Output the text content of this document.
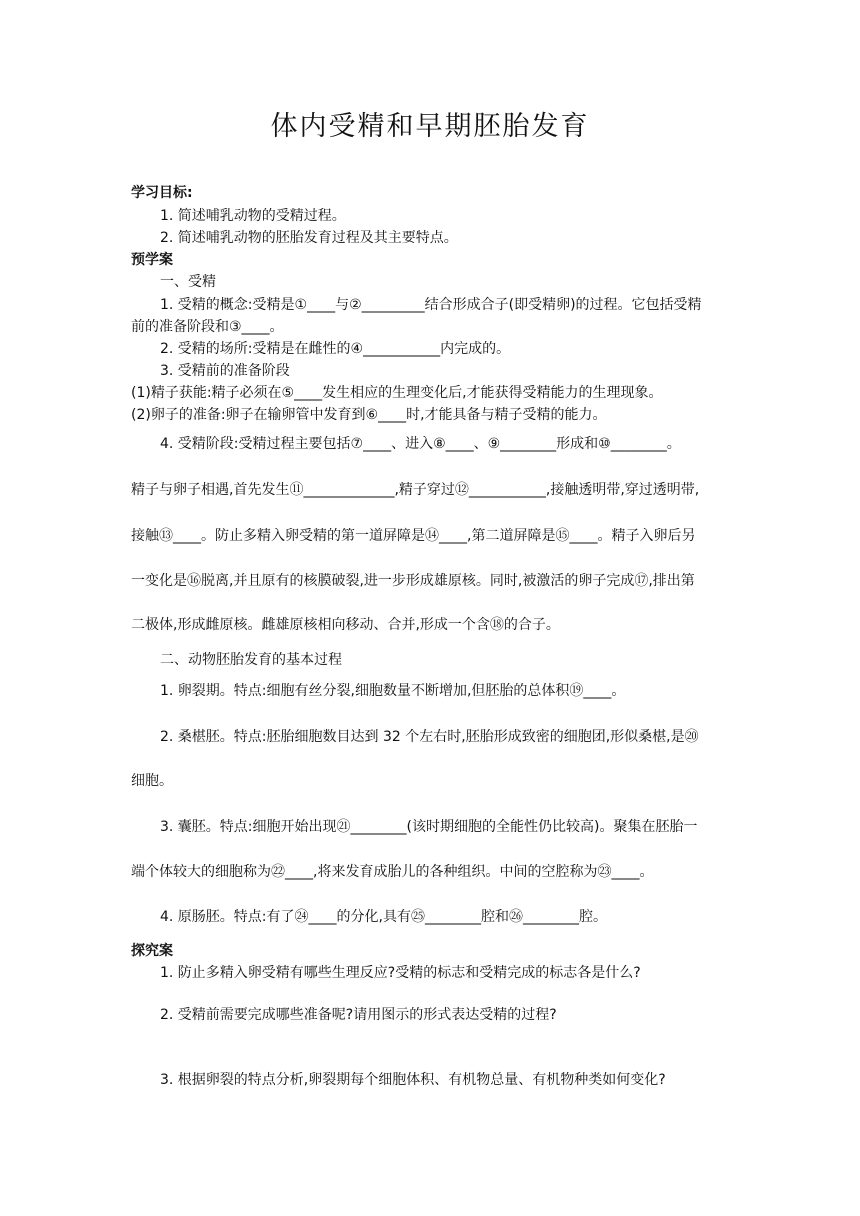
体内受精和早期胚胎发育
学习目标:
1. 简述哺乳动物的受精过程。
2. 简述哺乳动物的胚胎发育过程及其主要特点。
预学案
一、受精
1. 受精的概念:受精是①____与②_________结合形成合子(即受精卵)的过程。它包括受精
前的准备阶段和③____。
2. 受精的场所:受精是在雌性的④___________内完成的。
3. 受精前的准备阶段
(1)精子获能:精子必须在⑤____发生相应的生理变化后,才能获得受精能力的生理现象。
(2)卵子的准备:卵子在输卵管中发育到⑥____时,才能具备与精子受精的能力。
4. 受精阶段:受精过程主要包括⑦____、进入⑧____、⑨________形成和⑩________。
精子与卵子相遇,首先发生⑪_____________,精子穿过⑫___________,接触透明带,穿过透明带,
接触⑬____。防止多精入卵受精的第一道屏障是⑭____,第二道屏障是⑮____。精子入卵后另
一变化是⑯脱离,并且原有的核膜破裂,进一步形成雄原核。同时,被激活的卵子完成⑰,排出第
二极体,形成雌原核。雌雄原核相向移动、合并,形成一个含⑱的合子。
二、动物胚胎发育的基本过程
1. 卵裂期。特点:细胞有丝分裂,细胞数量不断增加,但胚胎的总体积⑲____。
2. 桑椹胚。特点:胚胎细胞数目达到 32 个左右时,胚胎形成致密的细胞团,形似桑椹,是⑳
细胞。
3. 囊胚。特点:细胞开始出现㉑________(该时期细胞的全能性仍比较高)。聚集在胚胎一
端个体较大的细胞称为㉒____,将来发育成胎儿的各种组织。中间的空腔称为㉓____。
4. 原肠胚。特点:有了㉔____的分化,具有㉕________腔和㉖________腔。
探究案
1. 防止多精入卵受精有哪些生理反应?受精的标志和受精完成的标志各是什么?
2. 受精前需要完成哪些准备呢?请用图示的形式表达受精的过程?
3. 根据卵裂的特点分析,卵裂期每个细胞体积、有机物总量、有机物种类如何变化?
